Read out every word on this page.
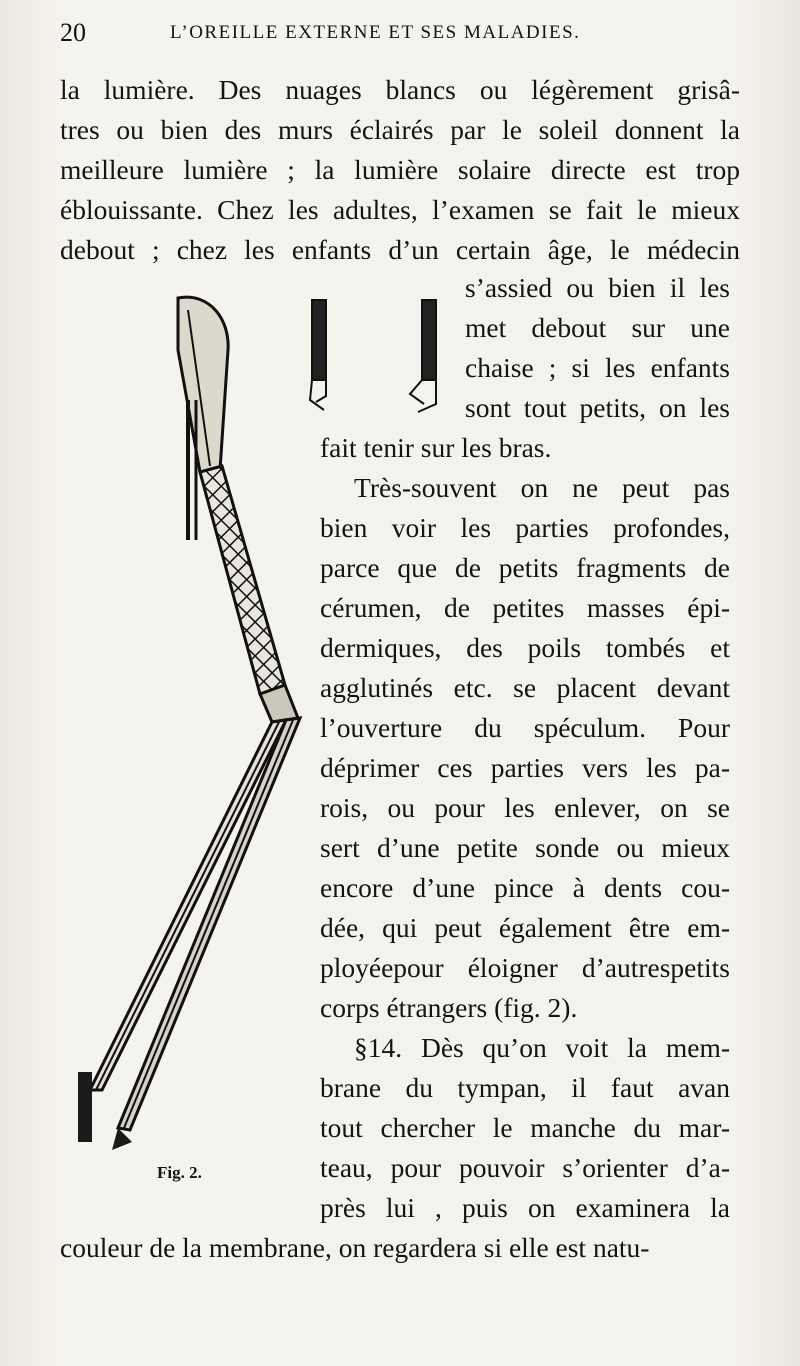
20	L’OREILLE EXTERNE ET SES MALADIES.
la lumière. Des nuages blancs ou légèrement grisâ-
tres ou bien des murs éclairés par le soleil donnent la
meilleure lumière ; la lumière solaire directe est trop
éblouissante. Chez les adultes, l’examen se fait le mieux
debout ; chez les enfants d’un certain âge, le médecin
s’assied ou bien il les
met debout sur une
chaise ; si les enfants
sont tout petits, on les
fait tenir sur les bras.
Très-souvent on ne peut pas
bien voir les parties profondes,
parce que de petits fragments de
cérumen, de petites masses épi-
dermiques, des poils tombés et
agglutinés etc. se placent devant
l’ouverture du spéculum. Pour
déprimer ces parties vers les pa-
rois, ou pour les enlever, on se
sert d’une petite sonde ou mieux
encore d’une pince à dents cou-
dée, qui peut également être em-
ployéepour éloigner d’autrespetits
corps étrangers (fig. 2).
§14. Dès qu’on voit la mem-
brane du tympan, il faut avan
tout chercher le manche du mar-
teau, pour pouvoir s’orienter d’a-
près lui , puis on examinera la
couleur de la membrane, on regardera si elle est natu-
Fig. 2.
